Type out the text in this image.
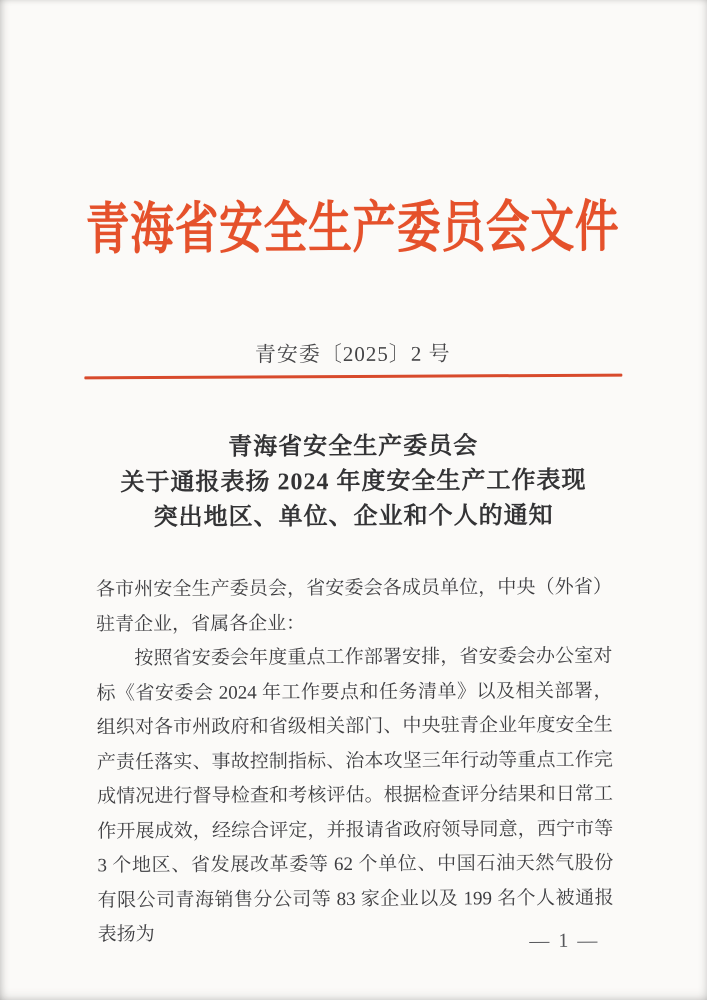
青海省安全生产委员会文件
青安委〔2025〕2 号
青海省安全生产委员会
关于通报表扬 2024 年度安全生产工作表现
突出地区、单位、企业和个人的通知

各市州安全生产委员会，省安委会各成员单位，中央（外省）驻青企业，省属各企业：

按照省安委会年度重点工作部署安排，省安委会办公室对标《省安委会 2024 年工作要点和任务清单》以及相关部署，组织对各市州政府和省级相关部门、中央驻青企业年度安全生产责任落实、事故控制指标、治本攻坚三年行动等重点工作完成情况进行督导检查和考核评估。根据检查评分结果和日常工作开展成效，经综合评定，并报请省政府领导同意，西宁市等 3 个地区、省发展改革委等 62 个单位、中国石油天然气股份有限公司青海销售分公司等 83 家企业以及 199 名个人被通报表扬为	— 1 —
